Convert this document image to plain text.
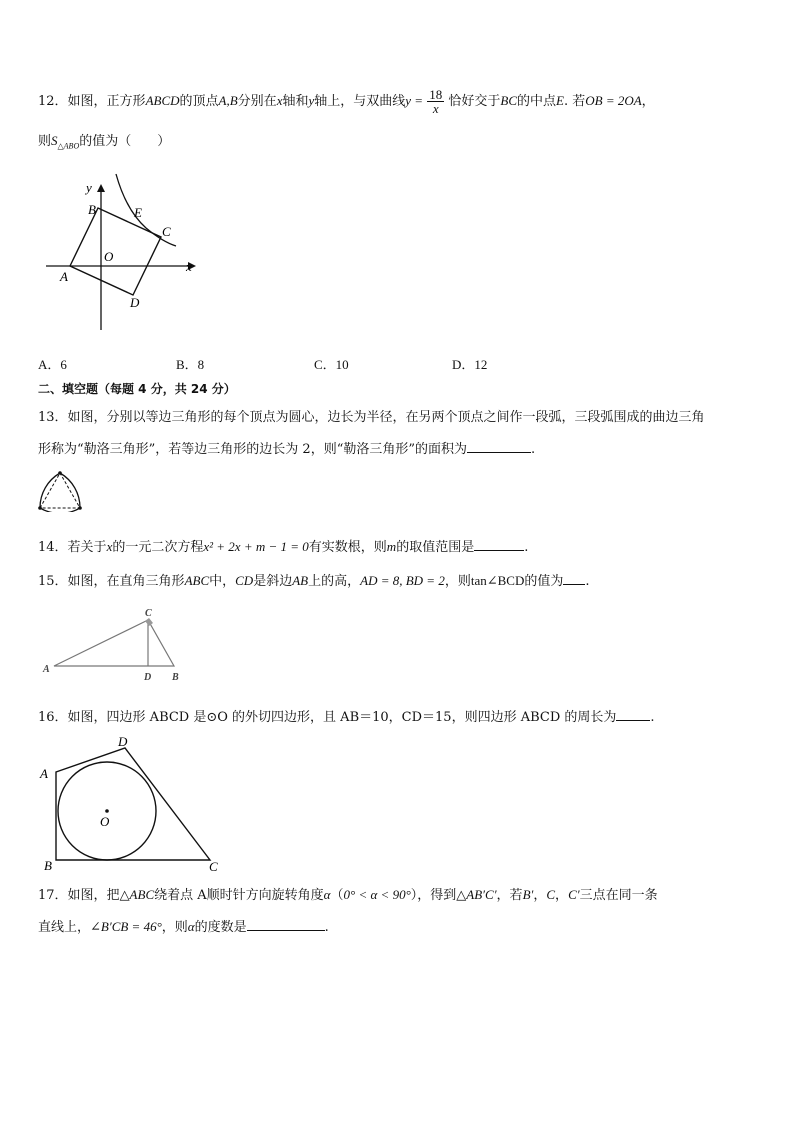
12．如图，正方形ABCD的顶点A,B分别在x轴和y轴上，与双曲线$y = \frac{18}{x}$ 恰好交于BC的中点E. 若OB = 2OA，
则$S_{\triangle ABO}$的值为（　　）
y
x
B	E
C
O
A
D
A．6	B．8	C．10	D．12
二、填空题（每题 4 分，共 24 分）
13．如图，分别以等边三角形的每个顶点为圆心，边长为半径，在另两个顶点之间作一段弧，三段弧围成的曲边三角
形称为“勒洛三角形”，若等边三角形的边长为 2，则“勒洛三角形”的面积为	.
14．若关于x的一元二次方程x² + 2x + m − 1 = 0有实数根，则m的取值范围是	.
15．如图，在直角三角形ABC中，CD是斜边AB上的高，AD = 8, BD = 2，则tan∠BCD的值为 .
C
A
D B
16．如图，四边形 ABCD 是⊙O 的外切四边形，且 AB＝10，CD＝15，则四边形 ABCD 的周长为	.
A
D
B	C
O
17．如图，把△ABC绕着点 A顺时针方向旋转角度α（0° < α < 90°），得到△AB′C′，若B′，C，C′三点在同一条
直线上，∠B′CB = 46°，则α的度数是	.
